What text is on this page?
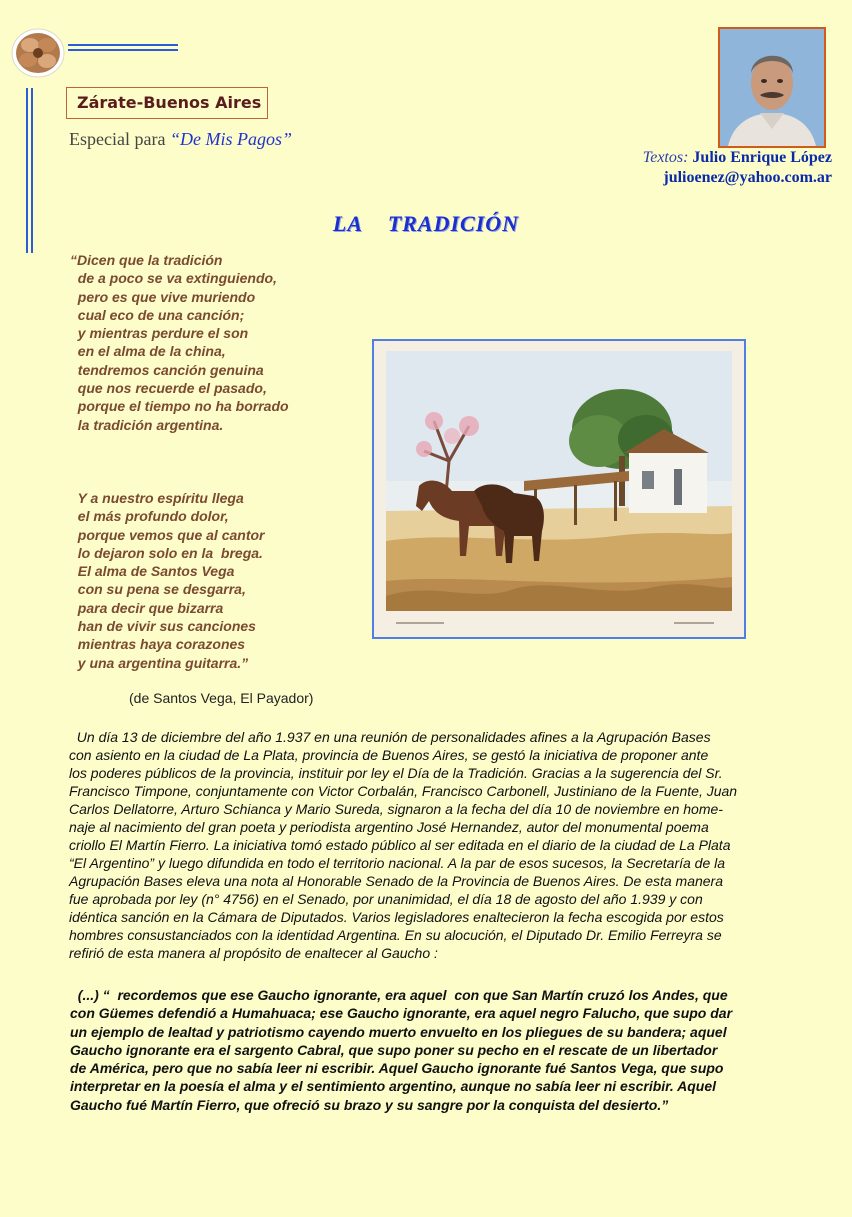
Zárate-Buenos Aires
Especial para “De Mis Pagos”
Textos: Julio Enrique López
julioenez@yahoo.com.ar
LA    TRADICIÓN
“Dicen que la tradición
de a poco se va extinguiendo,
pero es que vive muriendo
cual eco de una canción;
y mientras perdure el son
en el alma de la china,
tendremos canción genuina
que nos recuerde el pasado,
porque el tiempo no ha borrado
la tradición argentina.
Y a nuestro espíritu llega
el más profundo dolor,
porque vemos que al cantor
lo dejaron solo en la  brega.
El alma de Santos Vega
con su pena se desgarra,
para decir que bizarra
han de vivir sus canciones
mientras haya corazones
y una argentina guitarra.”
(de Santos Vega, El Payador)
Un día 13 de diciembre del año 1.937 en una reunión de personalidades afines a la Agrupación Bases
con asiento en la ciudad de La Plata, provincia de Buenos Aires, se gestó la iniciativa de proponer ante
los poderes públicos de la provincia, instituir por ley el Día de la Tradición. Gracias a la sugerencia del Sr.
Francisco Timpone, conjuntamente con Victor Corbalán, Francisco Carbonell, Justiniano de la Fuente, Juan
Carlos Dellatorre, Arturo Schianca y Mario Sureda, signaron a la fecha del día 10 de noviembre en home-
naje al nacimiento del gran poeta y periodista argentino José Hernandez, autor del monumental poema
criollo El Martín Fierro. La iniciativa tomó estado público al ser editada en el diario de la ciudad de La Plata
“El Argentino” y luego difundida en todo el territorio nacional. A la par de esos sucesos, la Secretaría de la
Agrupación Bases eleva una nota al Honorable Senado de la Provincia de Buenos Aires. De esta manera
fue aprobada por ley (n° 4756) en el Senado, por unanimidad, el día 18 de agosto del año 1.939 y con
idéntica sanción en la Cámara de Diputados. Varios legisladores enaltecieron la fecha escogida por estos
hombres consustanciados con la identidad Argentina. En su alocución, el Diputado Dr. Emilio Ferreyra se
refirió de esta manera al propósito de enaltecer al Gaucho :
(...) “  recordemos que ese Gaucho ignorante, era aquel  con que San Martín cruzó los Andes, que
con Güemes defendió a Humahuaca; ese Gaucho ignorante, era aquel negro Falucho, que supo dar
un ejemplo de lealtad y patriotismo cayendo muerto envuelto en los pliegues de su bandera; aquel
Gaucho ignorante era el sargento Cabral, que supo poner su pecho en el rescate de un libertador
de América, pero que no sabía leer ni escribir. Aquel Gaucho ignorante fué Santos Vega, que supo
interpretar en la poesía el alma y el sentimiento argentino, aunque no sabía leer ni escribir. Aquel
Gaucho fué Martín Fierro, que ofreció su brazo y su sangre por la conquista del desierto.”
